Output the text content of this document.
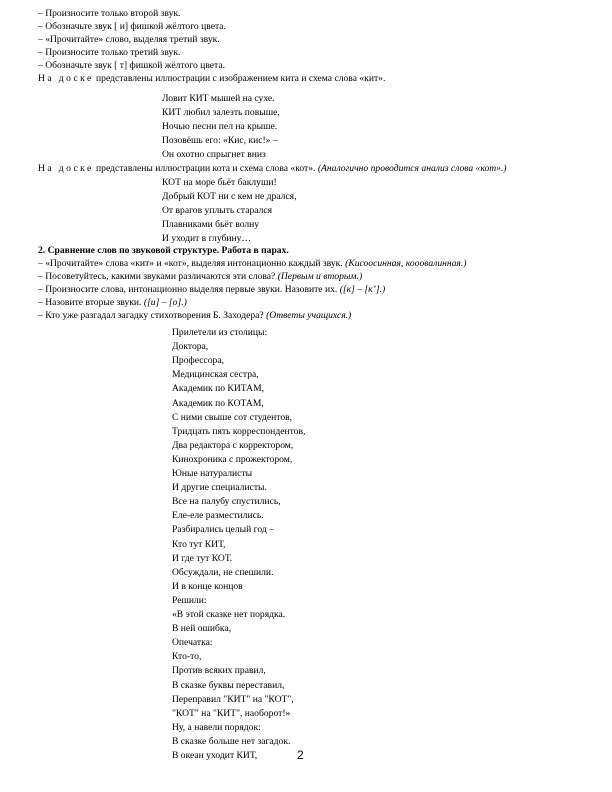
– Произносите только второй звук.
– Обозначьте звук [ и] фишкой жёлтого цвета.
– «Прочитайте» слово, выделяя третий звук.
– Произносите только третий звук.
– Обозначьте звук [ т] фишкой жёлтого цвета.
На доске представлены иллюстрации с изображением кита и схема слова «кит».
Ловит КИТ мышей на сухе.
КИТ любил залезть повыше,
Ночью песни пел на крыше.
Позовёшь его: «Кис, кис!» –
Он охотно спрыгнет вниз
На доске представлены иллюстрации кота и схема слова «кот». (Аналогично проводится анализ слова «кот».)
КОТ на море бьёт баклуши!
Добрый КОТ ни с кем не дрался,
От врагов уплыть старался
Плавниками бьёт волну
И уходит в глубину…
2. Сравнение слов по звуковой структуре. Работа в парах.
– «Прочитайте» слова «кит» и «кот», выделяя интонационно каждый звук. (Кисоосинная, кооовалинная.)
– Посоветуйтесь, какими звуками различаются эти слова? (Первым и вторым.)
– Произносите слова, интонационно выделяя первые звуки. Назовите их. ([к] – [к’].)
– Назовите вторые звуки. ([и] – [о].)
– Кто уже разгадал загадку стихотворения Б. Заходера? (Ответы учащихся.)
Прилетели из столицы:
Доктора,
Профессора,
Медицинская сестра,
Академик по КИТАМ,
Академик по КОТАМ,
С ними свыше сот студентов,
Тридцать пять корреспондентов,
Два редактора с корректором,
Кинохроника с прожектором,
Юные натуралисты
И другие специалисты.
Все на палубу спустились,
Еле-еле разместились.
Разбирались целый год –
Кто тут КИТ,
И где тут КОТ.
Обсуждали, не спешили.
И в конце концов
Решили:
«В этой сказке нет порядка.
В ней ошибка,
Опечатка:
Кто-то,
Против всяких правил,
В сказке буквы переставил,
Переправил "КИТ" на "КОТ",
"КОТ" на "КИТ", наоборот!»
Ну, а навели порядок:
В сказке больше нет загадок.
В океан уходит КИТ,	2
